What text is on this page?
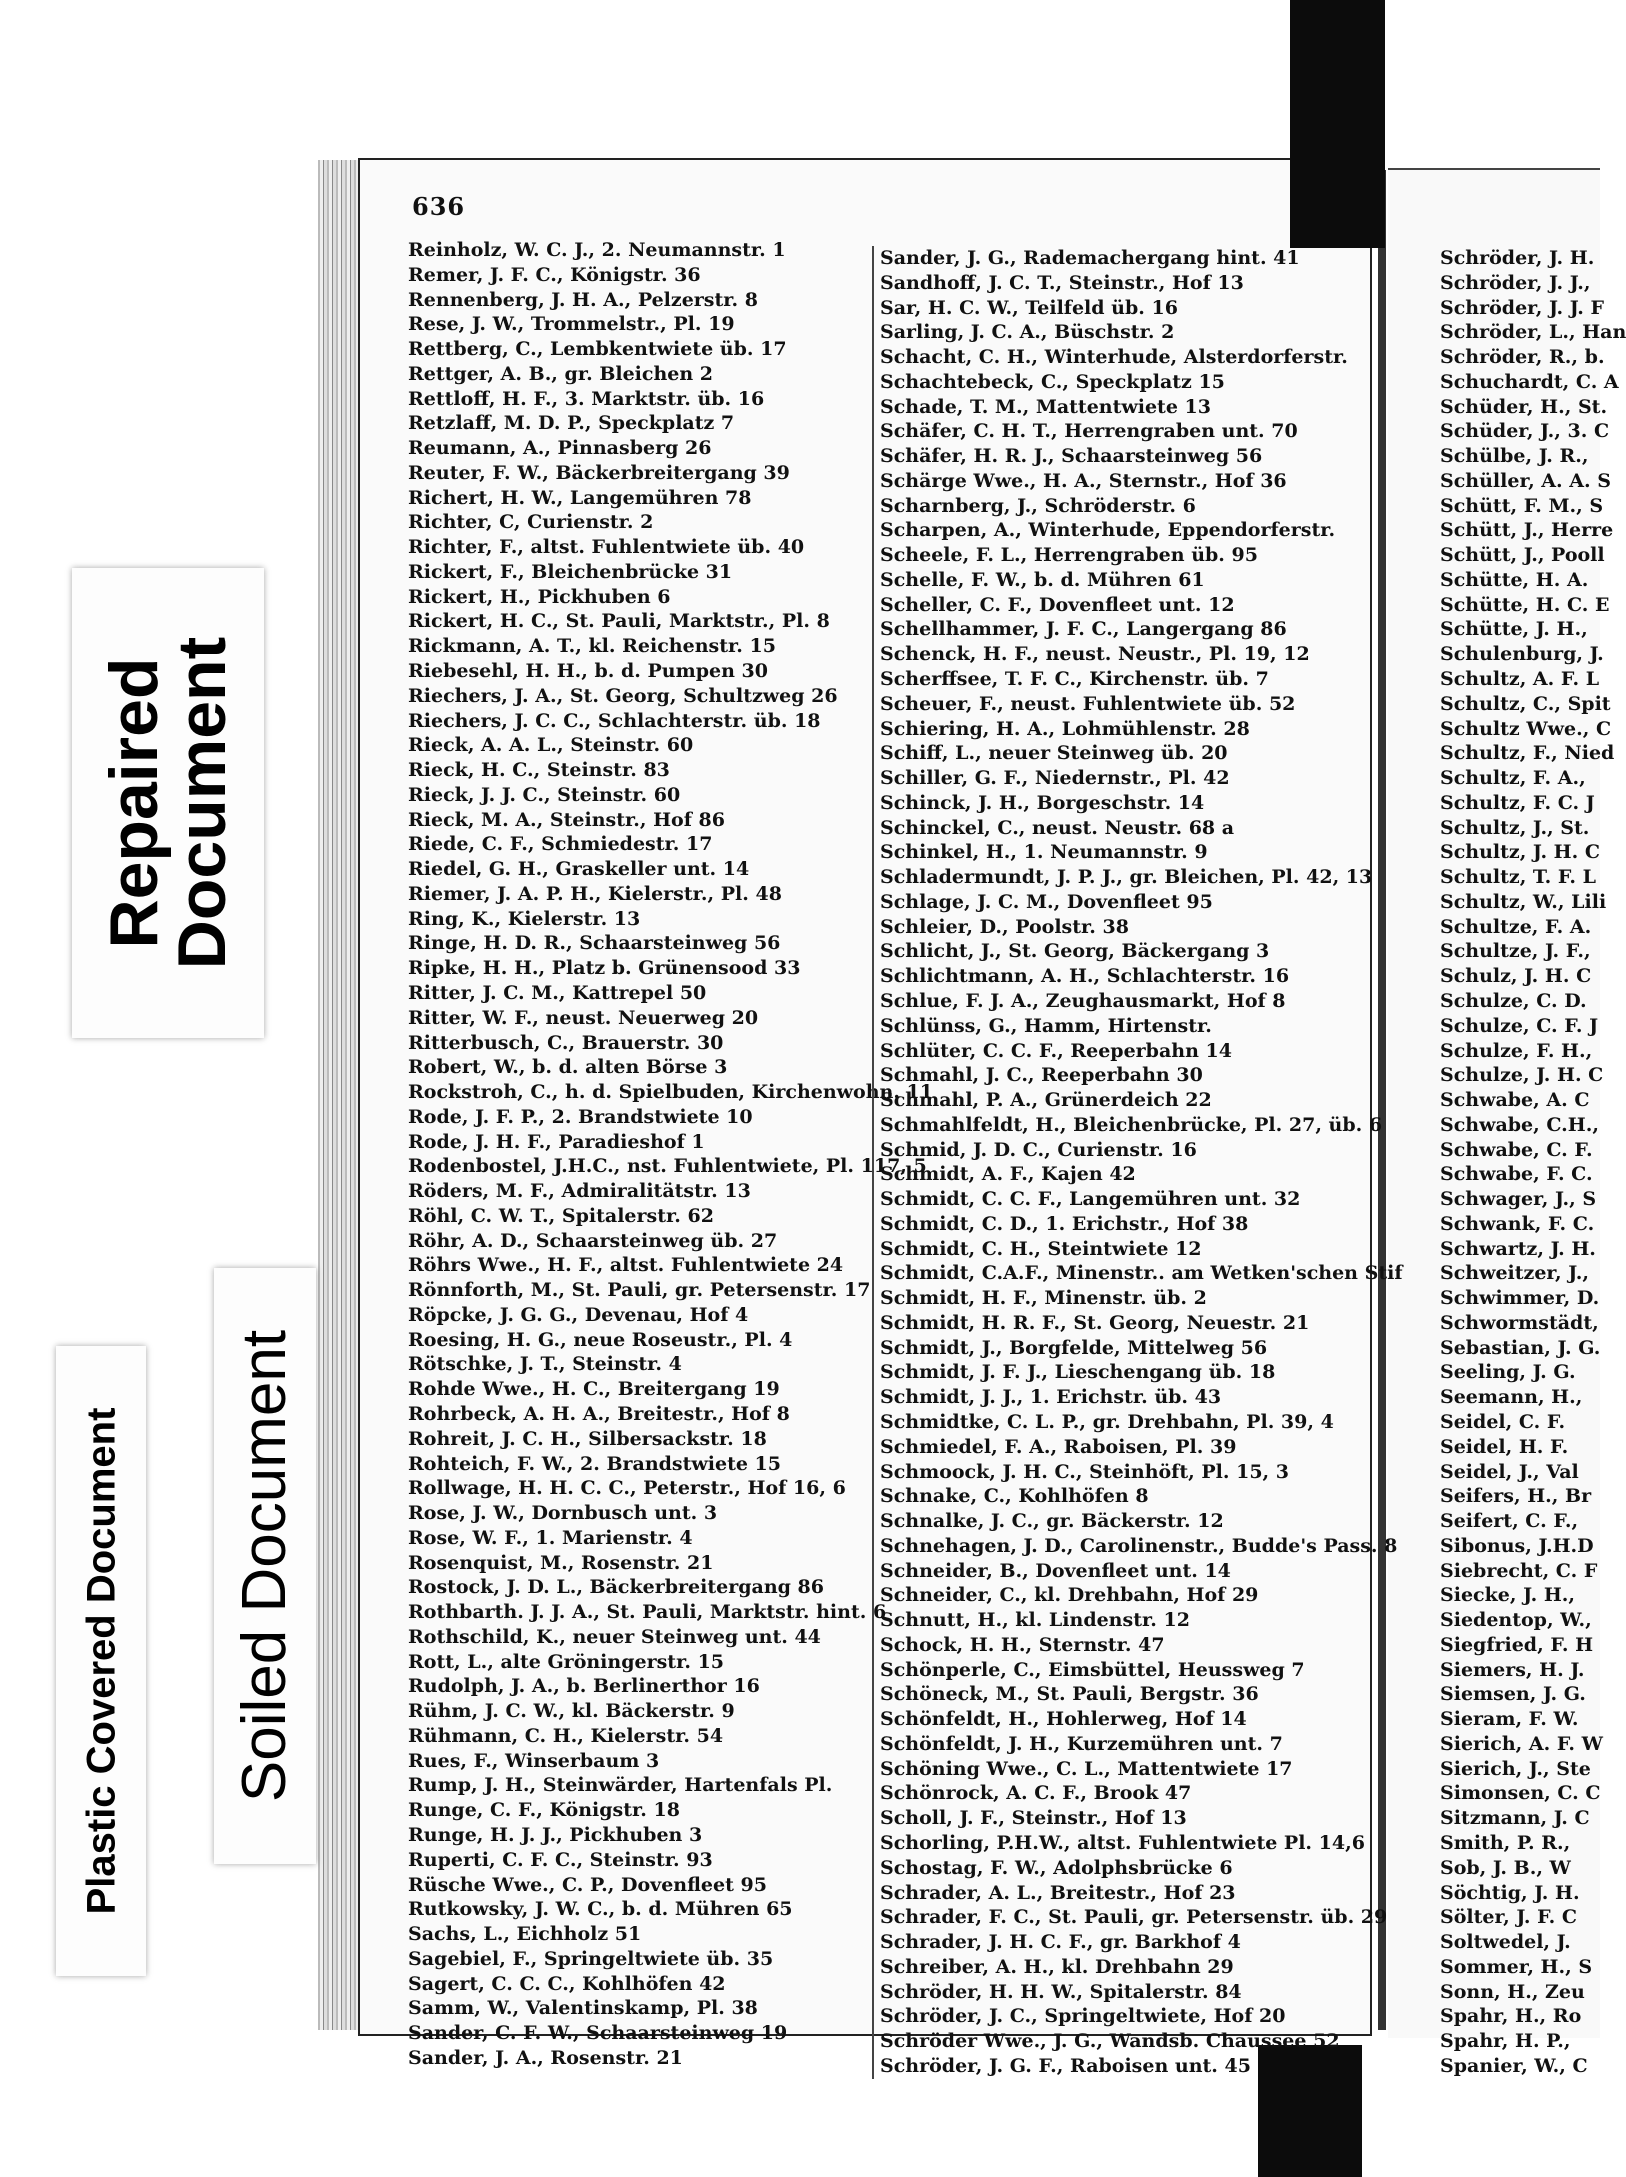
636
Reinholz, W. C. J., 2. Neumannstr. 1
Remer, J. F. C., Königstr. 36
Rennenberg, J. H. A., Pelzerstr. 8
Rese, J. W., Trommelstr., Pl. 19
Rettberg, C., Lembkentwiete üb. 17
Rettger, A. B., gr. Bleichen 2
Rettloff, H. F., 3. Marktstr. üb. 16
Retzlaff, M. D. P., Speckplatz 7
Reumann, A., Pinnasberg 26
Reuter, F. W., Bäckerbreitergang 39
Richert, H. W., Langemühren 78
Richter, C, Curienstr. 2
Richter, F., altst. Fuhlentwiete üb. 40
Rickert, F., Bleichenbrücke 31
Rickert, H., Pickhuben 6
Rickert, H. C., St. Pauli, Marktstr., Pl. 8
Rickmann, A. T., kl. Reichenstr. 15
Riebesehl, H. H., b. d. Pumpen 30
Riechers, J. A., St. Georg, Schultzweg 26
Riechers, J. C. C., Schlachterstr. üb. 18
Rieck, A. A. L., Steinstr. 60
Rieck, H. C., Steinstr. 83
Rieck, J. J. C., Steinstr. 60
Rieck, M. A., Steinstr., Hof 86
Riede, C. F., Schmiedestr. 17
Riedel, G. H., Graskeller unt. 14
Riemer, J. A. P. H., Kielerstr., Pl. 48
Ring, K., Kielerstr. 13
Ringe, H. D. R., Schaarsteinweg 56
Ripke, H. H., Platz b. Grünensood 33
Ritter, J. C. M., Kattrepel 50
Ritter, W. F., neust. Neuerweg 20
Ritterbusch, C., Brauerstr. 30
Robert, W., b. d. alten Börse 3
Rockstroh, C., h. d. Spielbuden, Kirchenwohn. 11
Rode, J. F. P., 2. Brandstwiete 10
Rode, J. H. F., Paradieshof 1
Rodenbostel, J.H.C., nst. Fuhlentwiete, Pl. 117, 5
Röders, M. F., Admiralitätstr. 13
Röhl, C. W. T., Spitalerstr. 62
Röhr, A. D., Schaarsteinweg üb. 27
Röhrs Wwe., H. F., altst. Fuhlentwiete 24
Rönnforth, M., St. Pauli, gr. Petersenstr. 17
Röpcke, J. G. G., Devenau, Hof 4
Roesing, H. G., neue Roseustr., Pl. 4
Rötschke, J. T., Steinstr. 4
Rohde Wwe., H. C., Breitergang 19
Rohrbeck, A. H. A., Breitestr., Hof 8
Rohreit, J. C. H., Silbersackstr. 18
Rohteich, F. W., 2. Brandstwiete 15
Rollwage, H. H. C. C., Peterstr., Hof 16, 6
Rose, J. W., Dornbusch unt. 3
Rose, W. F., 1. Marienstr. 4
Rosenquist, M., Rosenstr. 21
Rostock, J. D. L., Bäckerbreitergang 86
Rothbarth. J. J. A., St. Pauli, Marktstr. hint. 6
Rothschild, K., neuer Steinweg unt. 44
Rott, L., alte Gröningerstr. 15
Rudolph, J. A., b. Berlinerthor 16
Rühm, J. C. W., kl. Bäckerstr. 9
Rühmann, C. H., Kielerstr. 54
Rues, F., Winserbaum 3
Rump, J. H., Steinwärder, Hartenfals Pl.
Runge, C. F., Königstr. 18
Runge, H. J. J., Pickhuben 3
Ruperti, C. F. C., Steinstr. 93
Rüsche Wwe., C. P., Dovenfleet 95
Rutkowsky, J. W. C., b. d. Mühren 65
Sachs, L., Eichholz 51
Sagebiel, F., Springeltwiete üb. 35
Sagert, C. C. C., Kohlhöfen 42
Samm, W., Valentinskamp, Pl. 38
Sander, C. F. W., Schaarsteinweg 19
Sander, J. A., Rosenstr. 21
Sander, J. G., Rademachergang hint. 41
Sandhoff, J. C. T., Steinstr., Hof 13
Sar, H. C. W., Teilfeld üb. 16
Sarling, J. C. A., Büschstr. 2
Schacht, C. H., Winterhude, Alsterdorferstr.
Schachtebeck, C., Speckplatz 15
Schade, T. M., Mattentwiete 13
Schäfer, C. H. T., Herrengraben unt. 70
Schäfer, H. R. J., Schaarsteinweg 56
Schärge Wwe., H. A., Sternstr., Hof 36
Scharnberg, J., Schröderstr. 6
Scharpen, A., Winterhude, Eppendorferstr.
Scheele, F. L., Herrengraben üb. 95
Schelle, F. W., b. d. Mühren 61
Scheller, C. F., Dovenfleet unt. 12
Schellhammer, J. F. C., Langergang 86
Schenck, H. F., neust. Neustr., Pl. 19, 12
Scherffsee, T. F. C., Kirchenstr. üb. 7
Scheuer, F., neust. Fuhlentwiete üb. 52
Schiering, H. A., Lohmühlenstr. 28
Schiff, L., neuer Steinweg üb. 20
Schiller, G. F., Niedernstr., Pl. 42
Schinck, J. H., Borgeschstr. 14
Schinckel, C., neust. Neustr. 68 a
Schinkel, H., 1. Neumannstr. 9
Schladermundt, J. P. J., gr. Bleichen, Pl. 42, 13
Schlage, J. C. M., Dovenfleet 95
Schleier, D., Poolstr. 38
Schlicht, J., St. Georg, Bäckergang 3
Schlichtmann, A. H., Schlachterstr. 16
Schlue, F. J. A., Zeughausmarkt, Hof 8
Schlünss, G., Hamm, Hirtenstr.
Schlüter, C. C. F., Reeperbahn 14
Schmahl, J. C., Reeperbahn 30
Schmahl, P. A., Grünerdeich 22
Schmahlfeldt, H., Bleichenbrücke, Pl. 27, üb. 6
Schmid, J. D. C., Curienstr. 16
Schmidt, A. F., Kajen 42
Schmidt, C. C. F., Langemühren unt. 32
Schmidt, C. D., 1. Erichstr., Hof 38
Schmidt, C. H., Steintwiete 12
Schmidt, C.A.F., Minenstr.. am Wetken'schen Stif
Schmidt, H. F., Minenstr. üb. 2
Schmidt, H. R. F., St. Georg, Neuestr. 21
Schmidt, J., Borgfelde, Mittelweg 56
Schmidt, J. F. J., Lieschengang üb. 18
Schmidt, J. J., 1. Erichstr. üb. 43
Schmidtke, C. L. P., gr. Drehbahn, Pl. 39, 4
Schmiedel, F. A., Raboisen, Pl. 39
Schmoock, J. H. C., Steinhöft, Pl. 15, 3
Schnake, C., Kohlhöfen 8
Schnalke, J. C., gr. Bäckerstr. 12
Schnehagen, J. D., Carolinenstr., Budde's Pass. 8
Schneider, B., Dovenfleet unt. 14
Schneider, C., kl. Drehbahn, Hof 29
Schnutt, H., kl. Lindenstr. 12
Schock, H. H., Sternstr. 47
Schönperle, C., Eimsbüttel, Heussweg 7
Schöneck, M., St. Pauli, Bergstr. 36
Schönfeldt, H., Hohlerweg, Hof 14
Schönfeldt, J. H., Kurzemühren unt. 7
Schöning Wwe., C. L., Mattentwiete 17
Schönrock, A. C. F., Brook 47
Scholl, J. F., Steinstr., Hof 13
Schorling, P.H.W., altst. Fuhlentwiete Pl. 14,6
Schostag, F. W., Adolphsbrücke 6
Schrader, A. L., Breitestr., Hof 23
Schrader, F. C., St. Pauli, gr. Petersenstr. üb. 29
Schrader, J. H. C. F., gr. Barkhof 4
Schreiber, A. H., kl. Drehbahn 29
Schröder, H. H. W., Spitalerstr. 84
Schröder, J. C., Springeltwiete, Hof 20
Schröder Wwe., J. G., Wandsb. Chaussee 52
Schröder, J. G. F., Raboisen unt. 45
Schröder, J. H.
Schröder, J. J.,
Schröder, J. J. F
Schröder, L., Han
Schröder, R., b.
Schuchardt, C. A
Schüder, H., St.
Schüder, J., 3. C
Schülbe, J. R.,
Schüller, A. A. S
Schütt, F. M., S
Schütt, J., Herre
Schütt, J., Pooll
Schütte, H. A.
Schütte, H. C. E
Schütte, J. H.,
Schulenburg, J.
Schultz, A. F. L
Schultz, C., Spit
Schultz Wwe., C
Schultz, F., Nied
Schultz, F. A.,
Schultz, F. C. J
Schultz, J., St.
Schultz, J. H. C
Schultz, T. F. L
Schultz, W., Lili
Schultze, F. A.
Schultze, J. F.,
Schulz, J. H. C
Schulze, C. D.
Schulze, C. F. J
Schulze, F. H.,
Schulze, J. H. C
Schwabe, A. C
Schwabe, C.H.,
Schwabe, C. F.
Schwabe, F. C.
Schwager, J., S
Schwank, F. C.
Schwartz, J. H.
Schweitzer, J.,
Schwimmer, D.
Schwormstädt,
Sebastian, J. G.
Seeling, J. G.
Seemann, H.,
Seidel, C. F.
Seidel, H. F.
Seidel, J., Val
Seifers, H., Br
Seifert, C. F.,
Sibonus, J.H.D
Siebrecht, C. F
Siecke, J. H.,
Siedentop, W.,
Siegfried, F. H
Siemers, H. J.
Siemsen, J. G.
Sieram, F. W.
Sierich, A. F. W
Sierich, J., Ste
Simonsen, C. C
Sitzmann, J. C
Smith, P. R.,
Sob, J. B., W
Söchtig, J. H.
Sölter, J. F. C
Soltwedel, J.
Sommer, H., S
Sonn, H., Zeu
Spahr, H., Ro
Spahr, H. P.,
Spanier, W., C
Repaired
Document
Soiled Document
Plastic Covered Document
